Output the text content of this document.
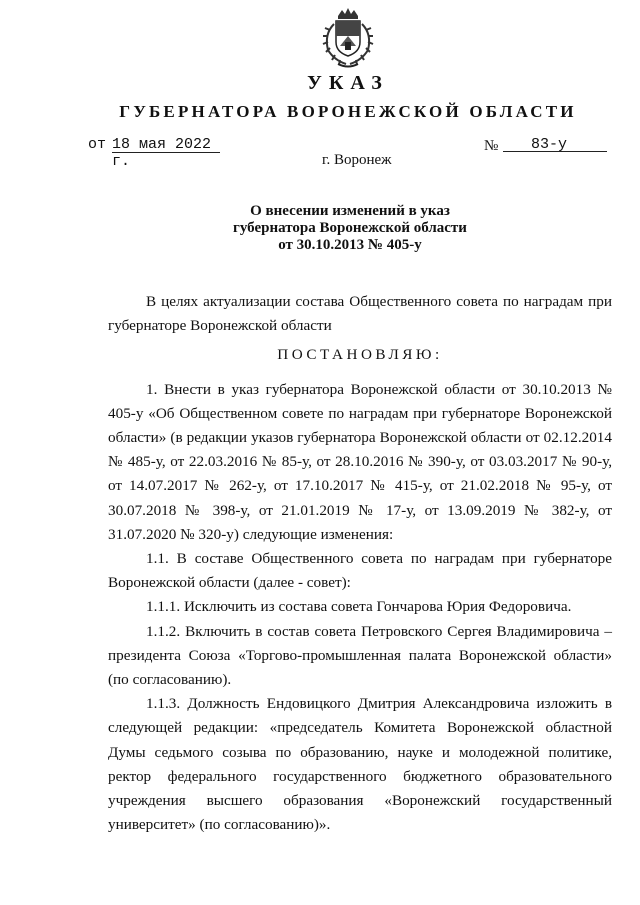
УКАЗ
ГУБЕРНАТОРА ВОРОНЕЖСКОЙ ОБЛАСТИ
от 18 мая 2022 г.
№	83-у
г. Воронеж
О внесении изменений в указ
губернатора Воронежской области
от 30.10.2013 № 405-у

В целях актуализации состава Общественного совета по наградам при губернаторе Воронежской области

ПОСТАНОВЛЯЮ:

1. Внести в указ губернатора Воронежской области от 30.10.2013 № 405-у «Об Общественном совете по наградам при губернаторе Воронежской области» (в редакции указов губернатора Воронежской области от 02.12.2014 № 485-у, от 22.03.2016 № 85-у, от 28.10.2016 № 390-у, от 03.03.2017 № 90-у, от 14.07.2017 № 262-у, от 17.10.2017 № 415-у, от 21.02.2018 № 95-у, от 30.07.2018 № 398-у, от 21.01.2019 № 17-у, от 13.09.2019 № 382-у, от 31.07.2020 № 320-у) следующие изменения:

1.1. В составе Общественного совета по наградам при губернаторе Воронежской области (далее - совет):

1.1.1. Исключить из состава совета Гончарова Юрия Федоровича.

1.1.2. Включить в состав совета Петровского Сергея Владимировича – президента Союза «Торгово-промышленная палата Воронежской области» (по согласованию).

1.1.3. Должность Ендовицкого Дмитрия Александровича изложить в следующей редакции: «председатель Комитета Воронежской областной Думы седьмого созыва по образованию, науке и молодежной политике, ректор федерального государственного бюджетного образовательного учреждения высшего образования «Воронежский государственный университет» (по согласованию)».
